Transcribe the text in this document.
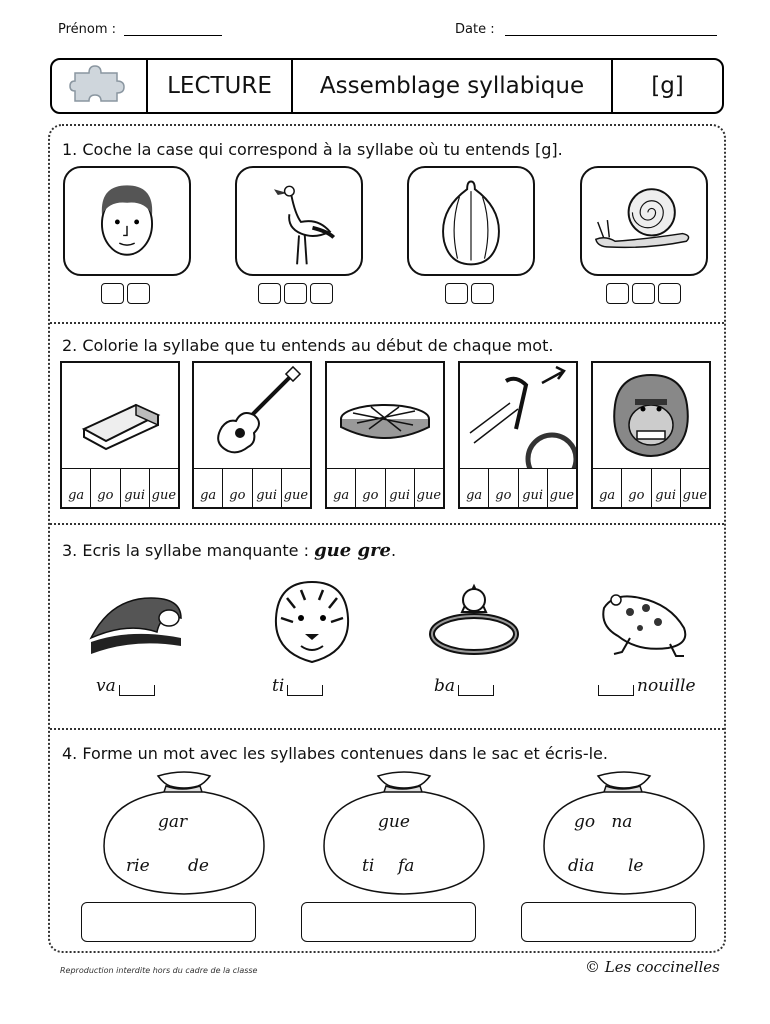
Prénom :	Date :
LECTURE	Assemblage syllabique	[g]
1. Coche la case qui correspond à la syllabe où tu entends [g].
2. Colorie la syllabe que tu entends au début de chaque mot.
ga	go gui gue	ga	go gui gue	ga	go gui gue	ga	go gui gue	ga	go gui gue
3. Ecris la syllabe manquante : gue gre.
va	ti	ba	nouille
4. Forme un mot avec les syllabes contenues dans le sac et écris-le.
gar
rie de
gue
ti fa
go   na
dia le
Reproduction interdite hors du cadre de la classe	© Les coccinelles
